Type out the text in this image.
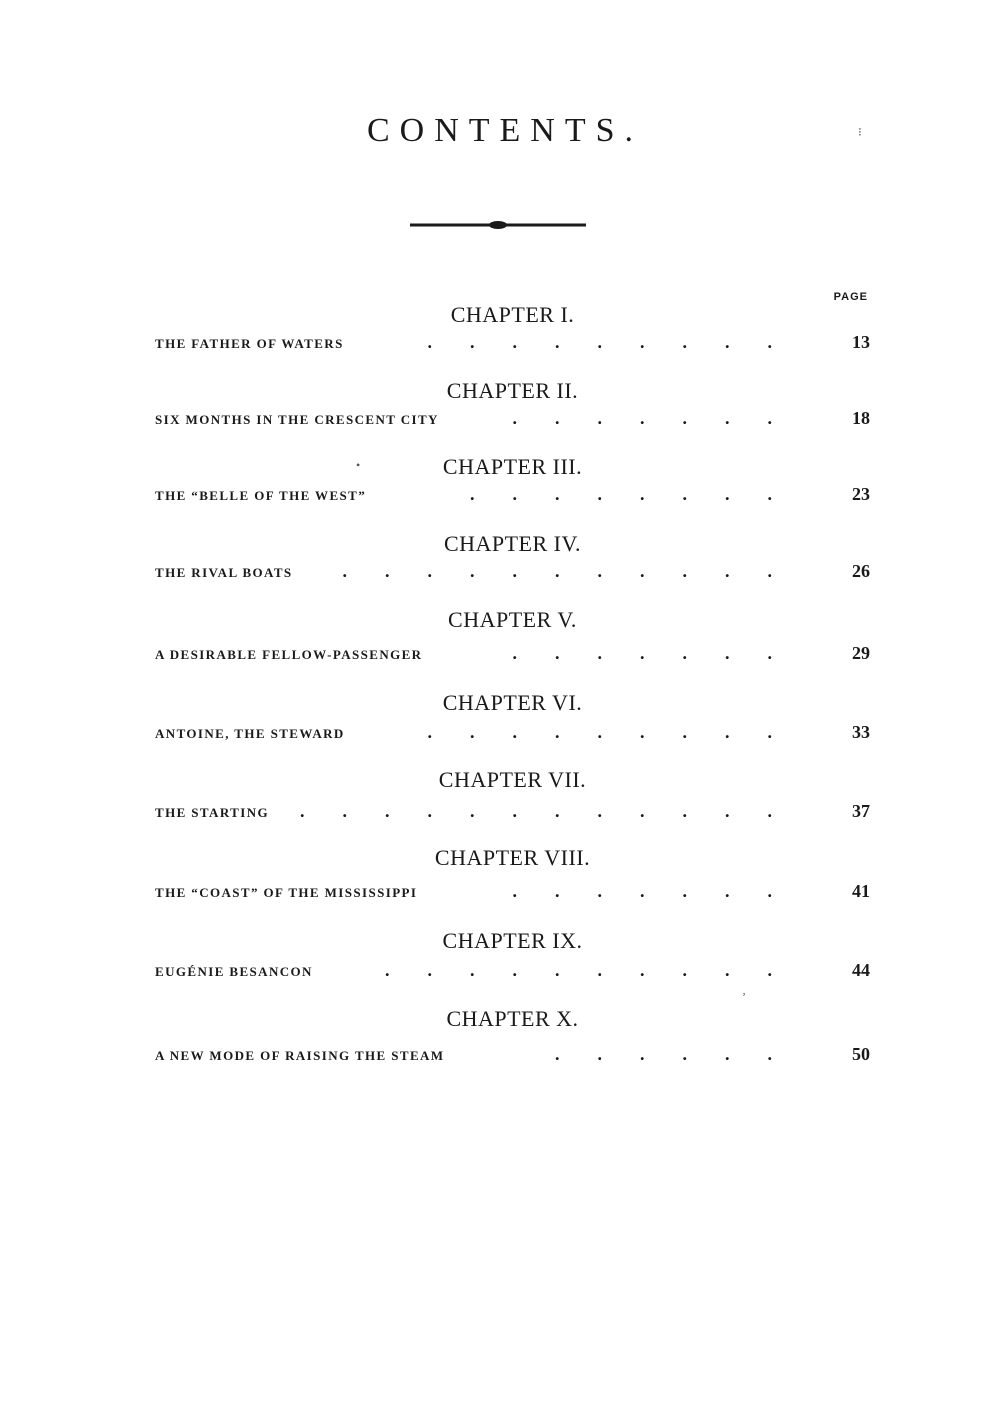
CONTENTS.
PAGE
CHAPTER I.
THE FATHER OF WATERS	.........	13
CHAPTER II.
SIX MONTHS IN THE CRESCENT CITY	.......	18
CHAPTER III.
THE “BELLE OF THE WEST”	........	23
CHAPTER IV.
THE RIVAL BOATS	...........	26
CHAPTER V.
A DESIRABLE FELLOW-PASSENGER	.......	29
CHAPTER VI.
ANTOINE, THE STEWARD	.........	33
CHAPTER VII.
THE STARTING ............	37
CHAPTER VIII.
THE “COAST” OF THE MISSISSIPPI	.......	41
CHAPTER IX.
EUGÉNIE BESANCON	..........	44
CHAPTER X.
A NEW MODE OF RAISING THE STEAM	......	50
⁝
•
ʼ
